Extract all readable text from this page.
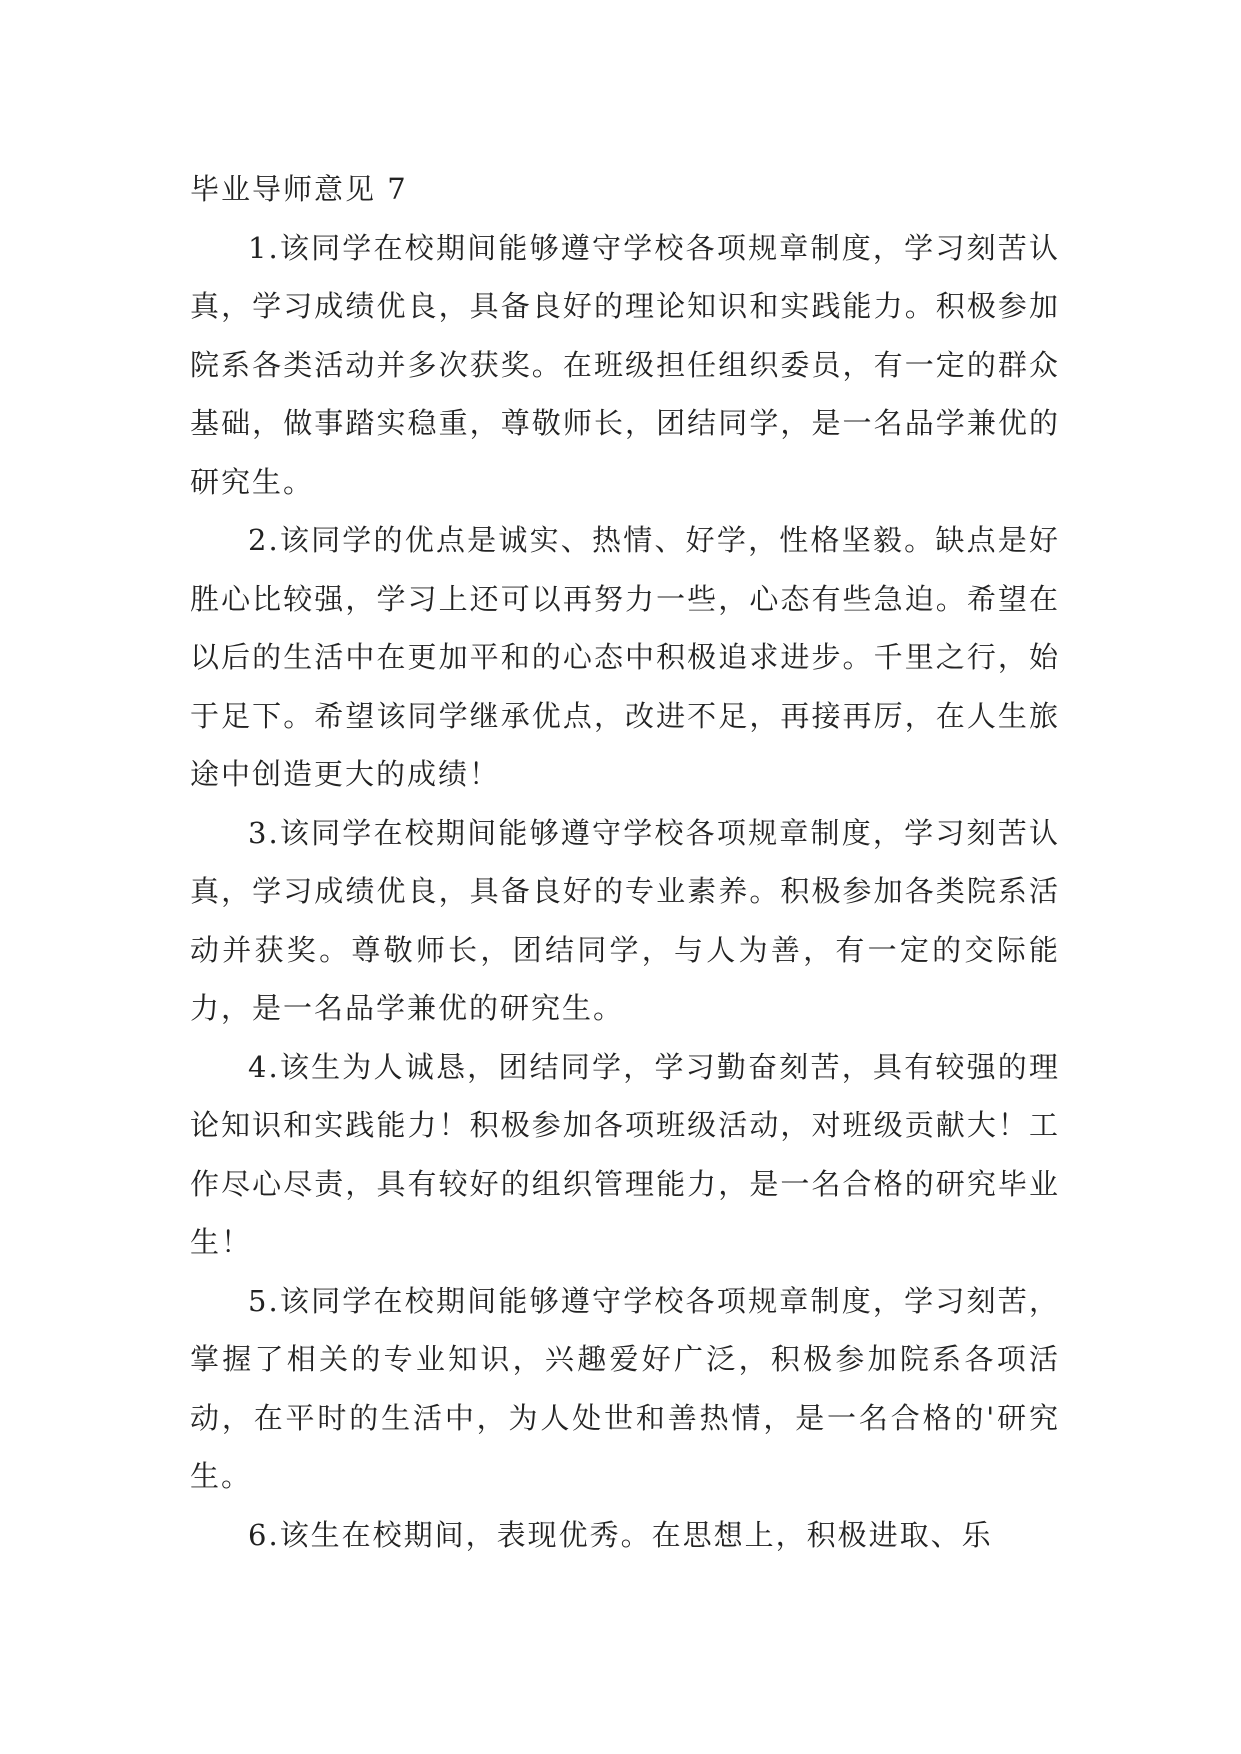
毕业导师意见 7

1.该同学在校期间能够遵守学校各项规章制度，学习刻苦认真，学习成绩优良，具备良好的理论知识和实践能力。积极参加院系各类活动并多次获奖。在班级担任组织委员，有一定的群众基础，做事踏实稳重，尊敬师长，团结同学，是一名品学兼优的研究生。

2.该同学的优点是诚实、热情、好学，性格坚毅。缺点是好胜心比较强，学习上还可以再努力一些，心态有些急迫。希望在以后的生活中在更加平和的心态中积极追求进步。千里之行，始于足下。希望该同学继承优点，改进不足，再接再厉，在人生旅途中创造更大的成绩！

3.该同学在校期间能够遵守学校各项规章制度，学习刻苦认真，学习成绩优良，具备良好的专业素养。积极参加各类院系活动并获奖。尊敬师长，团结同学，与人为善，有一定的交际能力，是一名品学兼优的研究生。

4.该生为人诚恳，团结同学，学习勤奋刻苦，具有较强的理论知识和实践能力！积极参加各项班级活动，对班级贡献大！工作尽心尽责，具有较好的组织管理能力，是一名合格的研究毕业生！

5.该同学在校期间能够遵守学校各项规章制度，学习刻苦，掌握了相关的专业知识，兴趣爱好广泛，积极参加院系各项活动，在平时的生活中，为人处世和善热情，是一名合格的'研究生。

6.该生在校期间，表现优秀。在思想上，积极进取、乐
